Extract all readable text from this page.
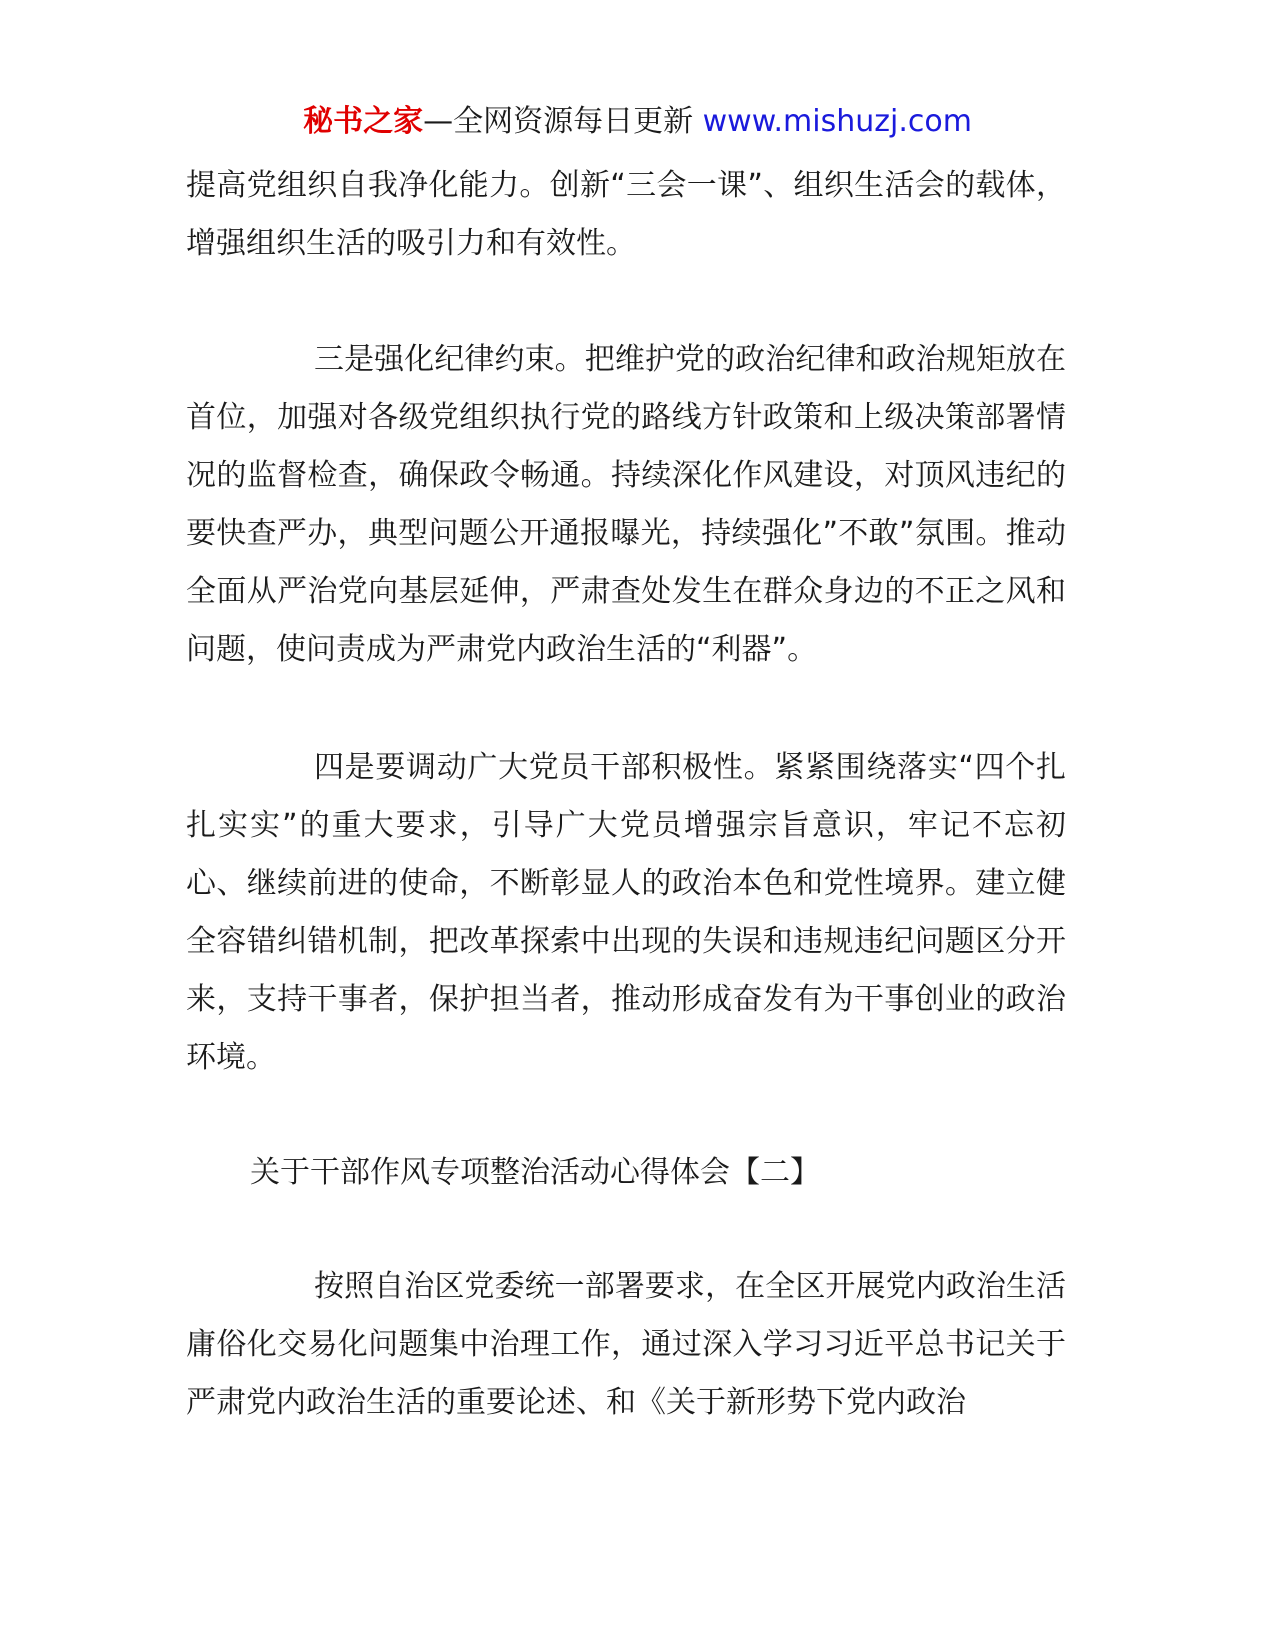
秘书之家—全网资源每日更新 www.mishuzj.com

提高党组织自我净化能力。创新“三会一课”、组织生活会的载体，增强组织生活的吸引力和有效性。

三是强化纪律约束。把维护党的政治纪律和政治规矩放在首位，加强对各级党组织执行党的路线方针政策和上级决策部署情况的监督检查，确保政令畅通。持续深化作风建设，对顶风违纪的要快查严办，典型问题公开通报曝光，持续强化”不敢”氛围。推动全面从严治党向基层延伸，严肃查处发生在群众身边的不正之风和问题，使问责成为严肃党内政治生活的“利器”。

四是要调动广大党员干部积极性。紧紧围绕落实“四个扎扎实实”的重大要求，引导广大党员增强宗旨意识，牢记不忘初心、继续前进的使命，不断彰显人的政治本色和党性境界。建立健全容错纠错机制，把改革探索中出现的失误和违规违纪问题区分开来，支持干事者，保护担当者，推动形成奋发有为干事创业的政治环境。

关于干部作风专项整治活动心得体会【二】

按照自治区党委统一部署要求，在全区开展党内政治生活庸俗化交易化问题集中治理工作，通过深入学习习近平总书记关于严肃党内政治生活的重要论述、和《关于新形势下党内政治
